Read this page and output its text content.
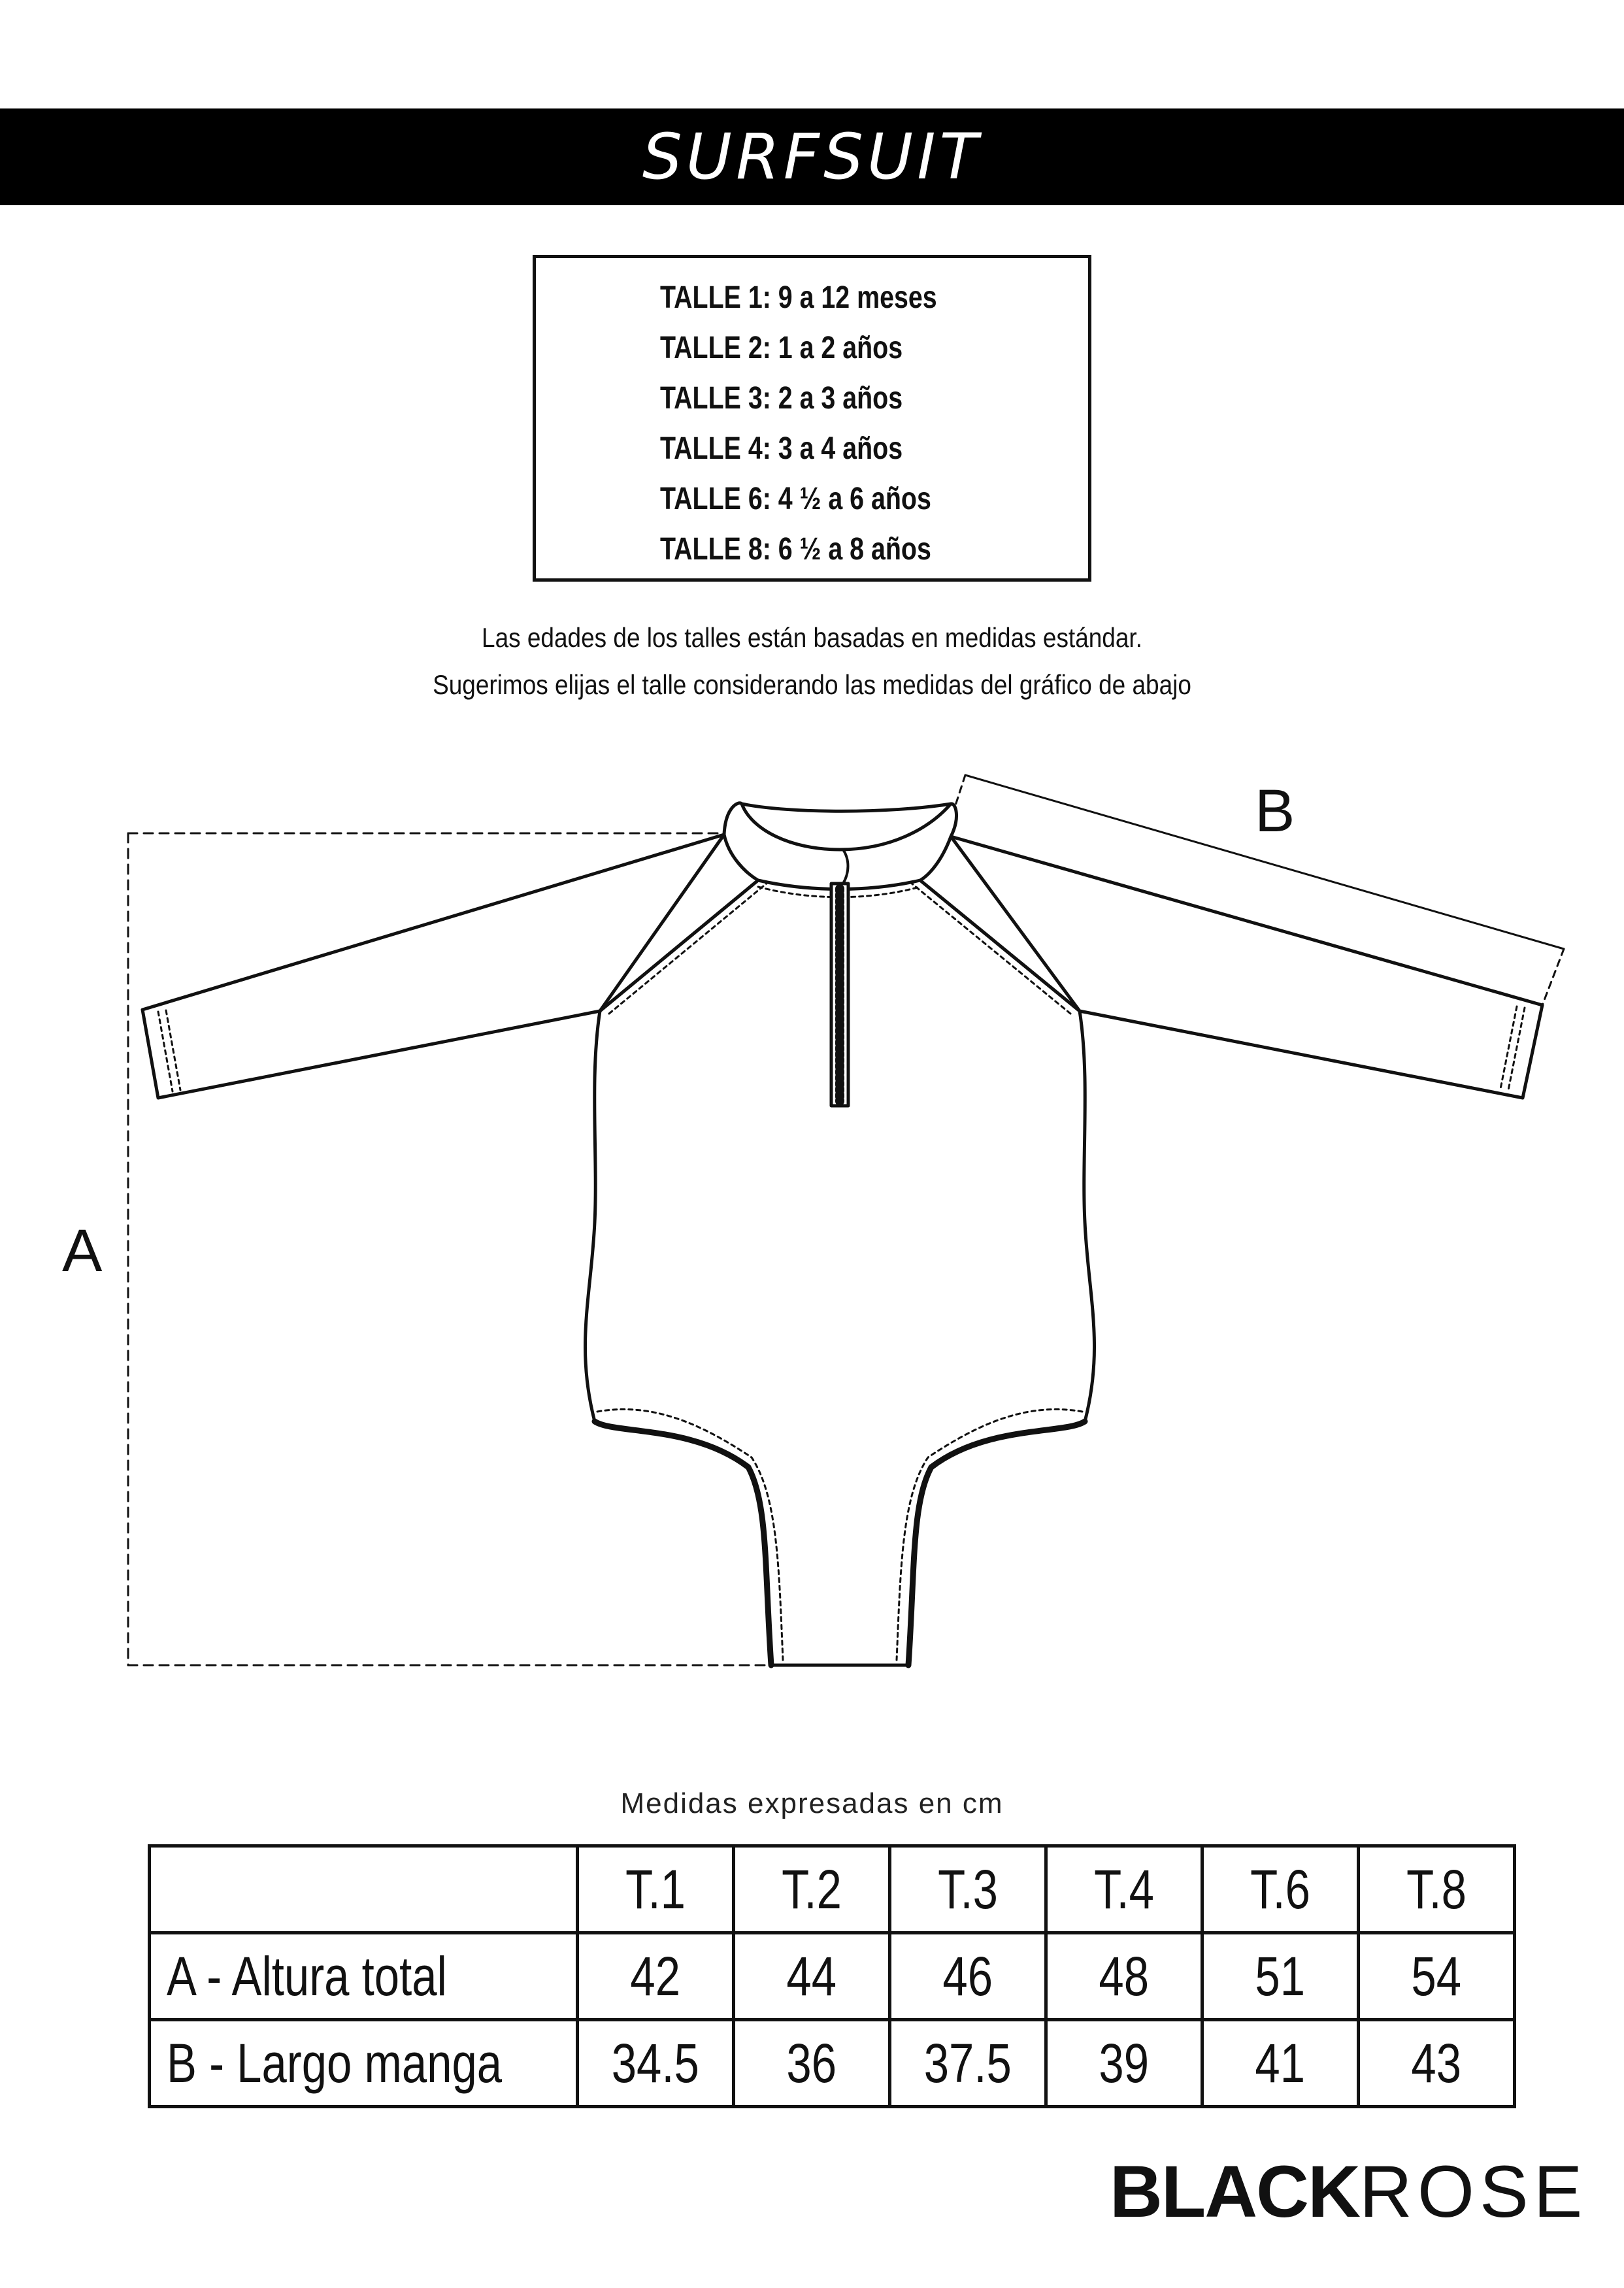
SURFSUIT
TALLE 1: 9 a 12 meses
TALLE 2: 1 a 2 años
TALLE 3: 2 a 3 años
TALLE 4: 3 a 4 años
TALLE 6: 4 ½ a 6 años
TALLE 8: 6 ½ a 8 años
Las edades de los talles están basadas en medidas estándar.
Sugerimos elijas el talle considerando las medidas del gráfico de abajo
A
B
Medidas expresadas en cm
	T.1	T.2	T.3	T.4	T.6	T.8
A - Altura total	42	44	46	48	51	54
B - Largo manga	34.5	36	37.5	39	41	43
BLACKROSE
